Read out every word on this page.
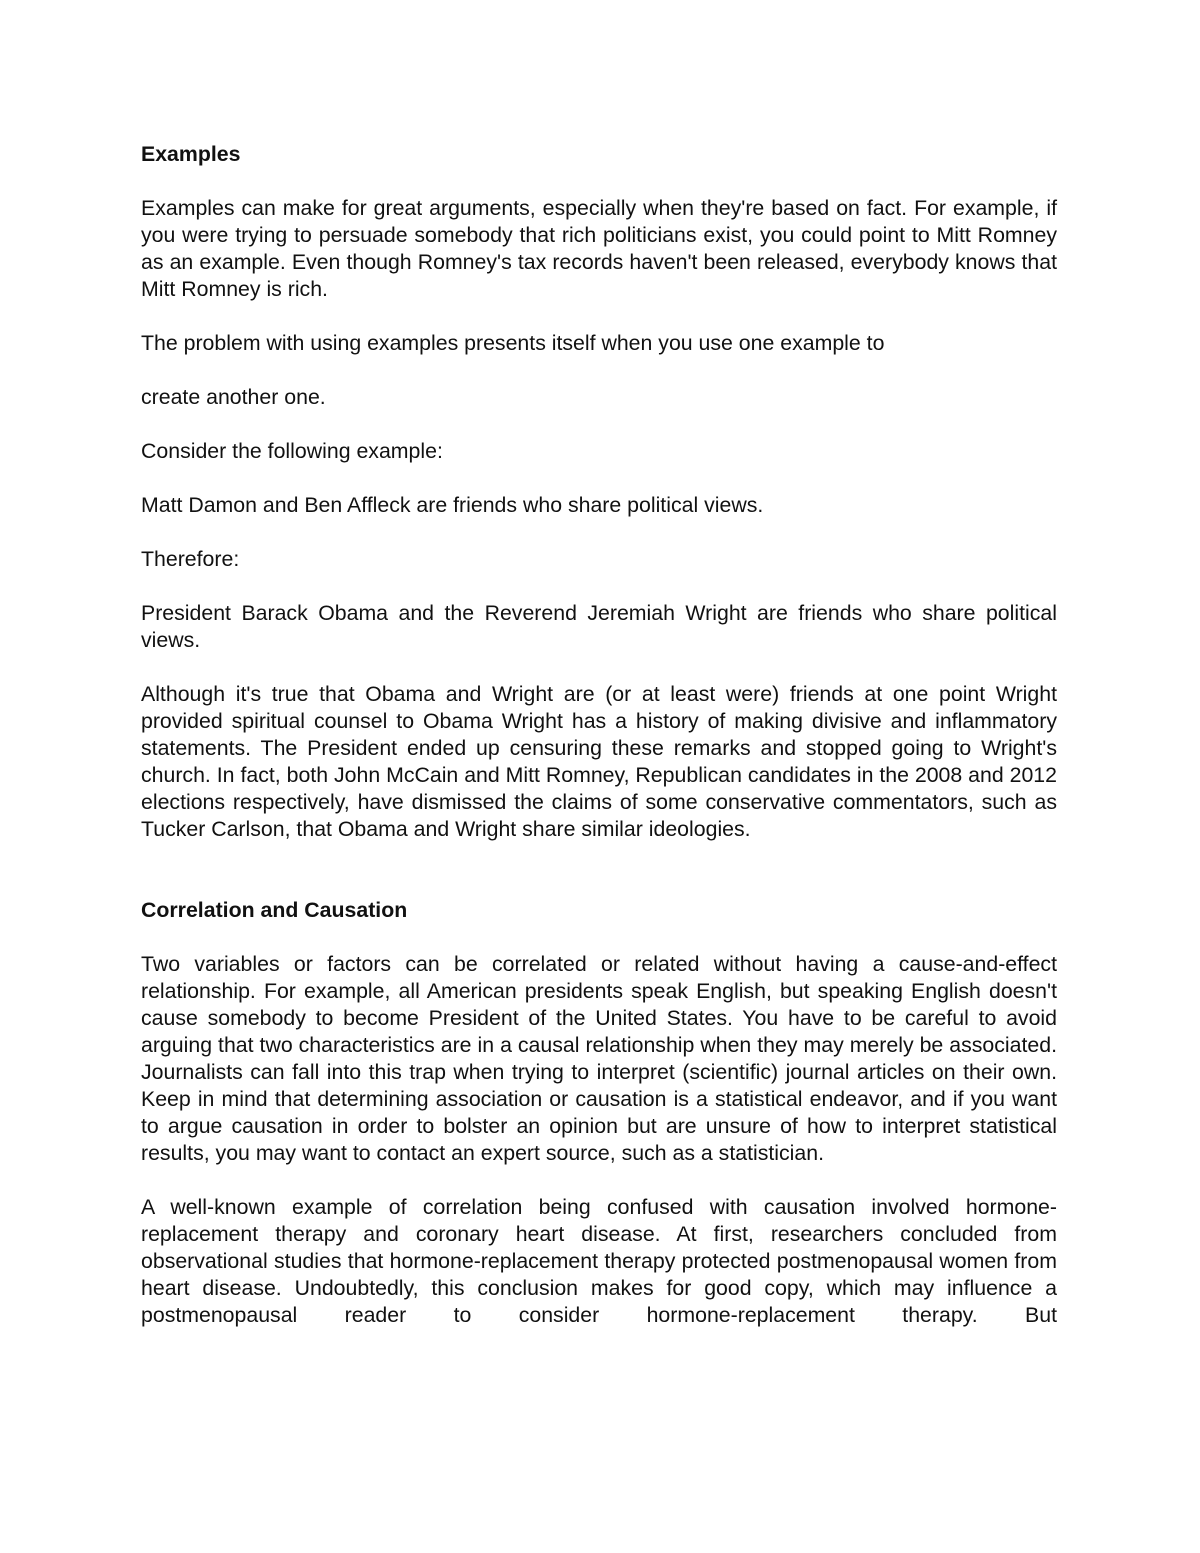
Examples
Examples can make for great arguments, especially when they're based on fact. For example, if you were trying to persuade somebody that rich politicians exist, you could point to Mitt Romney as an example. Even though Romney's tax records haven't been released, everybody knows that Mitt Romney is rich.
The problem with using examples presents itself when you use one example to
create another one.
Consider the following example:
Matt Damon and Ben Affleck are friends who share political views.
Therefore:
President Barack Obama and the Reverend Jeremiah Wright are friends who share political views.
Although it's true that Obama and Wright are (or at least were) friends at one point Wright provided spiritual counsel to Obama Wright has a history of making divisive and inflammatory statements. The President ended up censuring these remarks and stopped going to Wright's church. In fact, both John McCain and Mitt Romney, Republican candidates in the 2008 and 2012 elections respectively, have dismissed the claims of some conservative commentators, such as Tucker Carlson, that Obama and Wright share similar ideologies.
Correlation and Causation
Two variables or factors can be correlated or related without having a cause-and-effect relationship. For example, all American presidents speak English, but speaking English doesn't cause somebody to become President of the United States. You have to be careful to avoid arguing that two characteristics are in a causal relationship when they may merely be associated. Journalists can fall into this trap when trying to interpret (scientific) journal articles on their own. Keep in mind that determining association or causation is a statistical endeavor, and if you want to argue causation in order to bolster an opinion but are unsure of how to interpret statistical results, you may want to contact an expert source, such as a statistician.
A well-known example of correlation being confused with causation involved hormone-replacement therapy and coronary heart disease. At first, researchers concluded from observational studies that hormone-replacement therapy protected postmenopausal women from heart disease. Undoubtedly, this conclusion makes for good copy, which may influence a postmenopausal reader to consider hormone-replacement therapy. But
